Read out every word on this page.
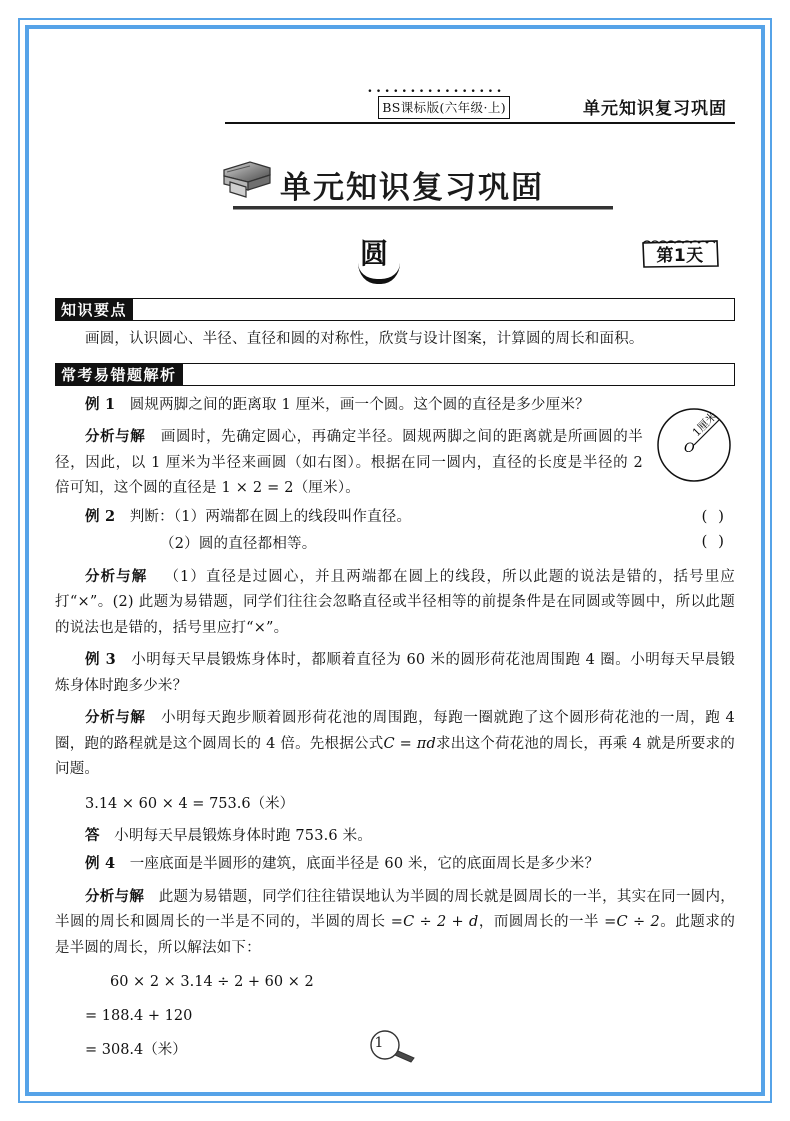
••••••••••••••••
BS课标版(六年级·上)	单元知识复习巩固
单元知识复习巩固
圆	第1天
知识要点

画圆，认识圆心、半径、直径和圆的对称性，欣赏与设计图案，计算圆的周长和面积。

常考易错题解析

例 1 圆规两脚之间的距离取 1 厘米，画一个圆。这个圆的直径是多少厘米？

1厘米
O

分析与解 画圆时，先确定圆心，再确定半径。圆规两脚之间的距离就是所画圆的半径，因此，以 1 厘米为半径来画圆（如右图）。根据在同一圆内，直径的长度是半径的 2 倍可知，这个圆的直径是 1 × 2 = 2（厘米）。

例 2 判断：（1）两端都在圆上的线段叫作直径。

（2）圆的直径都相等。

( )
( )

分析与解 （1）直径是过圆心，并且两端都在圆上的线段，所以此题的说法是错的，括号里应打“×”。(2) 此题为易错题，同学们往往会忽略直径或半径相等的前提条件是在同圆或等圆中，所以此题的说法也是错的，括号里应打“×”。

例 3 小明每天早晨锻炼身体时，都顺着直径为 60 米的圆形荷花池周围跑 4 圈。小明每天早晨锻炼身体时跑多少米？

分析与解 小明每天跑步顺着圆形荷花池的周围跑，每跑一圈就跑了这个圆形荷花池的一周，跑 4 圈，跑的路程就是这个圆周长的 4 倍。先根据公式C = πd求出这个荷花池的周长，再乘 4 就是所要求的问题。

3.14 × 60 × 4 = 753.6（米）

答 小明每天早晨锻炼身体时跑 753.6 米。

例 4 一座底面是半圆形的建筑，底面半径是 60 米，它的底面周长是多少米？

分析与解 此题为易错题，同学们往往错误地认为半圆的周长就是圆周长的一半，其实在同一圆内，半圆的周长和圆周长的一半是不同的，半圆的周长 =C ÷ 2 + d，而圆周长的一半 =C ÷ 2。此题求的是半圆的周长，所以解法如下：

60 × 2 × 3.14 ÷ 2 + 60 × 2

= 188.4 + 120

= 308.4（米）	1
